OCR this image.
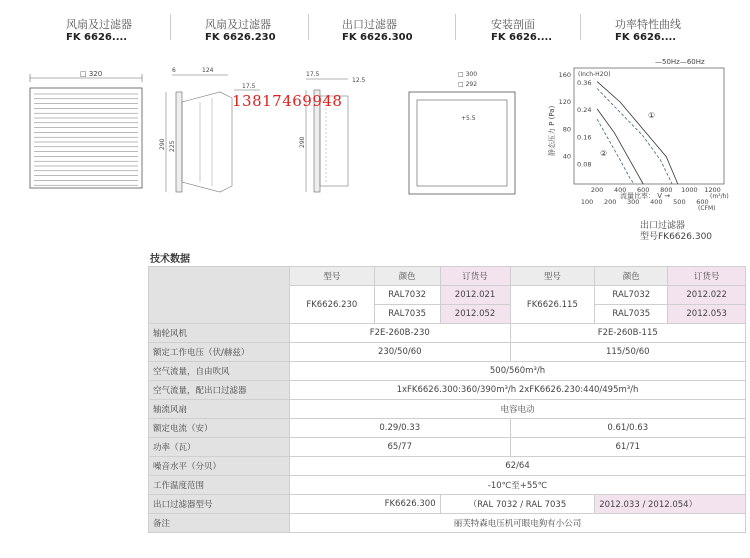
风扇及过滤器
FK 6626....
风扇及过滤器
FK 6626.230
出口过滤器
FK 6626.300
安装剖面
FK 6626....
功率特性曲线
FK 6626....
□ 320	6	124
17.5
290 225
17.5
12.5
290
□ 300
□ 292
+5.5
13817469948
—50Hz—60Hz
(Inch-H2O)
静态压力 P (Pa)
流量比率： V →	(m³/h)
(CFM)
①
②
160
120
80
40
0.36
0.24
0.16
0.08
200 400 600 800 1000 1200
100 200 300 400 500 600
出口过滤器
型号FK6626.300
技术数据
	型号	颜色	订货号	型号	颜色	订货号
	FK6626.230	RAL7032	2012.021	FK6626.115	RAL7032	2012.022
		RAL7035	2012.052		RAL7035	2012.053
轴轮风机	F2E-260B-230			F2E-260B-115		
额定工作电压（伏/赫兹）	230/50/60			115/50/60		
空气流量，自由吹风	500/560m³/h					
空气流量，配出口过滤器	1xFK6626.300:360/390m³/h 2xFK6626.230:440/495m³/h					
轴流风扇	电容电动					
额定电流（安）	0.29/0.33			0.61/0.63		
功率（瓦）	65/77			61/71		
噪音水平（分贝）	62/64					
工作温度范围	-10℃至+55℃					
出口过滤器型号	FK6626.300		（RAL 7032 / RAL 7035		2012.033 / 2012.054）	
备注	丽芙特森电压机可眼电狗有小公司					
